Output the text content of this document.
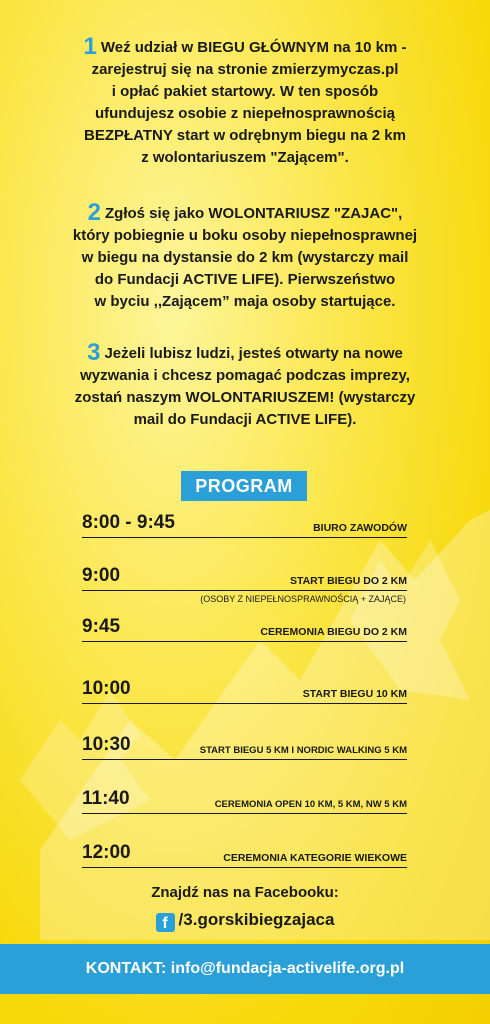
1 Weź udział w BIEGU GŁÓWNYM na 10 km -
zarejestruj się na stronie zmierzymyczas.pl
i opłać pakiet startowy. W ten sposób
ufundujesz osobie z niepełnosprawnością
BEZPŁATNY start w odrębnym biegu na 2 km
z wolontariuszem "Zającem".
2 Zgłoś się jako WOLONTARIUSZ "ZAJAC",
który pobiegnie u boku osoby niepełnosprawnej
w biegu na dystansie do 2 km (wystarczy mail
do Fundacji ACTIVE LIFE). Pierwszeństwo
w byciu ,,Zającem” maja osoby startujące.
3 Jeżeli lubisz ludzi, jesteś otwarty na nowe
wyzwania i chcesz pomagać podczas imprezy,
zostań naszym WOLONTARIUSZEM! (wystarczy
mail do Fundacji ACTIVE LIFE).
PROGRAM
8:00 - 9:45	BIURO ZAWODÓW
9:00	START BIEGU DO 2 KM
(OSOBY Z NIEPEŁNOSPRAWNOŚCIĄ + ZAJĄCE)
9:45	CEREMONIA BIEGU DO 2 KM
10:00	START BIEGU 10 KM
10:30	START BIEGU 5 KM I NORDIC WALKING 5 KM
11:40	CEREMONIA OPEN 10 KM, 5 KM, NW 5 KM
12:00	CEREMONIA KATEGORIE WIEKOWE
Znajdź nas na Facebooku:
f /3.gorskibiegzajaca
KONTAKT: info@fundacja-activelife.org.pl
